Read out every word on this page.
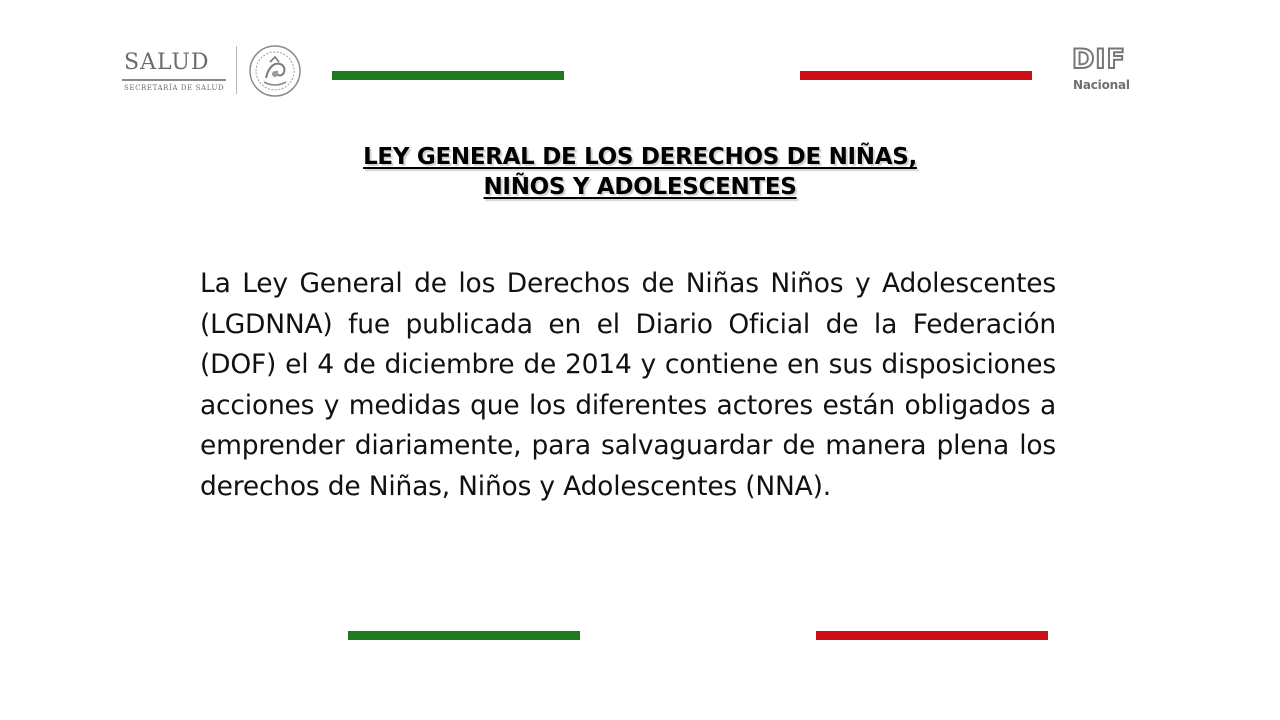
SALUD
SECRETARÍA DE SALUD
DIF
Nacional
LEY GENERAL DE LOS DERECHOS DE NIÑAS,
NIÑOS Y ADOLESCENTES

La Ley General de los Derechos de Niñas Niños y Adolescentes (LGDNNA) fue publicada en el Diario Oficial de la Federación (DOF) el 4 de diciembre de 2014 y contiene en sus disposiciones acciones y medidas que los diferentes actores están obligados a emprender diariamente, para salvaguardar de manera plena los derechos de Niñas, Niños y Adolescentes (NNA).
